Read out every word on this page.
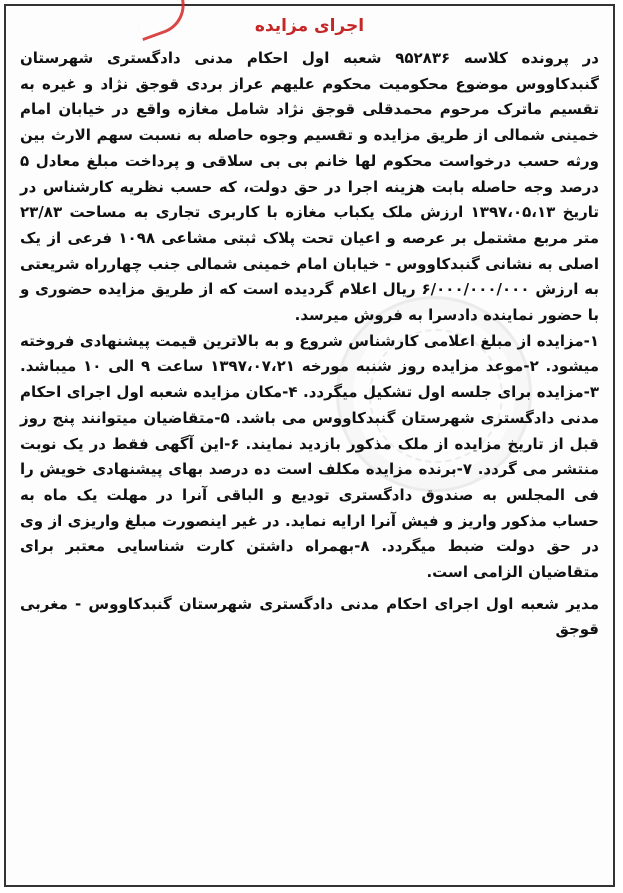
اجرای مزایده

در پرونده کلاسه ۹۵۲۸۳۶ شعبه اول احکام مدنی دادگستری شهرستان گنبدکاووس موضوع محکومیت محکوم علیهم عراز بردی قوجق نژاد و غیره به تقسیم ماترک مرحوم محمدقلی قوجق نژاد شامل مغازه واقع در خیابان امام خمینی شمالی از طریق مزایده و تقسیم وجوه حاصله به نسبت سهم الارث بین ورثه حسب درخواست محکوم لها خانم بی بی سلاقی و پرداخت مبلغ معادل ۵ درصد وجه حاصله بابت هزینه اجرا در حق دولت، که حسب نظریه کارشناس در تاریخ ۱۳۹۷،۰۵،۱۳ ارزش ملک یکباب مغازه با کاربری تجاری به مساحت ۲۳/۸۳ متر مربع مشتمل بر عرصه و اعیان تحت پلاک ثبتی مشاعی ۱۰۹۸ فرعی از یک اصلی به نشانی گنبدکاووس - خیابان امام خمینی شمالی جنب چهارراه شریعتی به ارزش ۶/۰۰۰/۰۰۰/۰۰۰ ریال اعلام گردیده است که از طریق مزایده حضوری و با حضور نماینده دادسرا به فروش میرسد.

۱-مزایده از مبلغ اعلامی کارشناس شروع و به بالاترین قیمت پیشنهادی فروخته میشود. ۲-موعد مزایده روز شنبه مورخه ۱۳۹۷،۰۷،۲۱ ساعت ۹ الی ۱۰ میباشد. ۳-مزایده برای جلسه اول تشکیل میگردد. ۴-مکان مزایده شعبه اول اجرای احکام مدنی دادگستری شهرستان گنبدکاووس می باشد. ۵-متقاضیان میتوانند پنج روز قبل از تاریخ مزایده از ملک مذکور بازدید نمایند. ۶-این آگهی فقط در یک نوبت منتشر می گردد. ۷-برنده مزایده مکلف است ده درصد بهای پیشنهادی خویش را فی المجلس به صندوق دادگستری تودیع و الباقی آنرا در مهلت یک ماه به حساب مذکور واریز و فیش آنرا ارایه نماید. در غیر اینصورت مبلغ واریزی از وی در حق دولت ضبط میگردد. ۸-بهمراه داشتن کارت شناسایی معتبر برای متقاضیان الزامی است.

مدیر شعبه اول اجرای احکام مدنی دادگستری شهرستان گنبدکاووس - مغربی قوجق
